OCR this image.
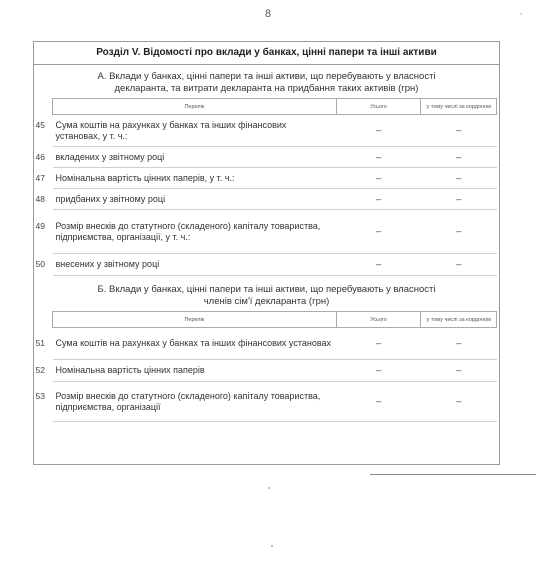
8
Розділ V. Відомості про вклади у банках, цінні папери та інші активи
А. Вклади у банках, цінні папери та інші активи, що перебувають у власності
декларанта, та витрати декларанта на придбання таких активів (грн)
Перелік	Усього	у тому числі за кордоном

45 Сума коштів на рахунках у банках та інших фінансових установах, у т. ч.:	–	–

46 вкладених у звітному році	–	–

47 Номінальна вартість цінних паперів, у т. ч.:	–	–

48 придбаних у звітному році	–	–

49 Розмір внесків до статутного (складеного) капіталу товариства, підприємства, організації, у т. ч.:	–	–

50 внесених у звітному році	–	–
Б. Вклади у банках, цінні папери та інші активи, що перебувають у власності
членів сім'ї декларанта (грн)
Перелік	Усього	у тому числі за кордоном

51 Сума коштів на рахунках у банках та інших фінансових установах	–	–

52 Номінальна вартість цінних паперів	–	–

53 Розмір внесків до статутного (складеного) капіталу товариства, підприємства, організації	–	–
